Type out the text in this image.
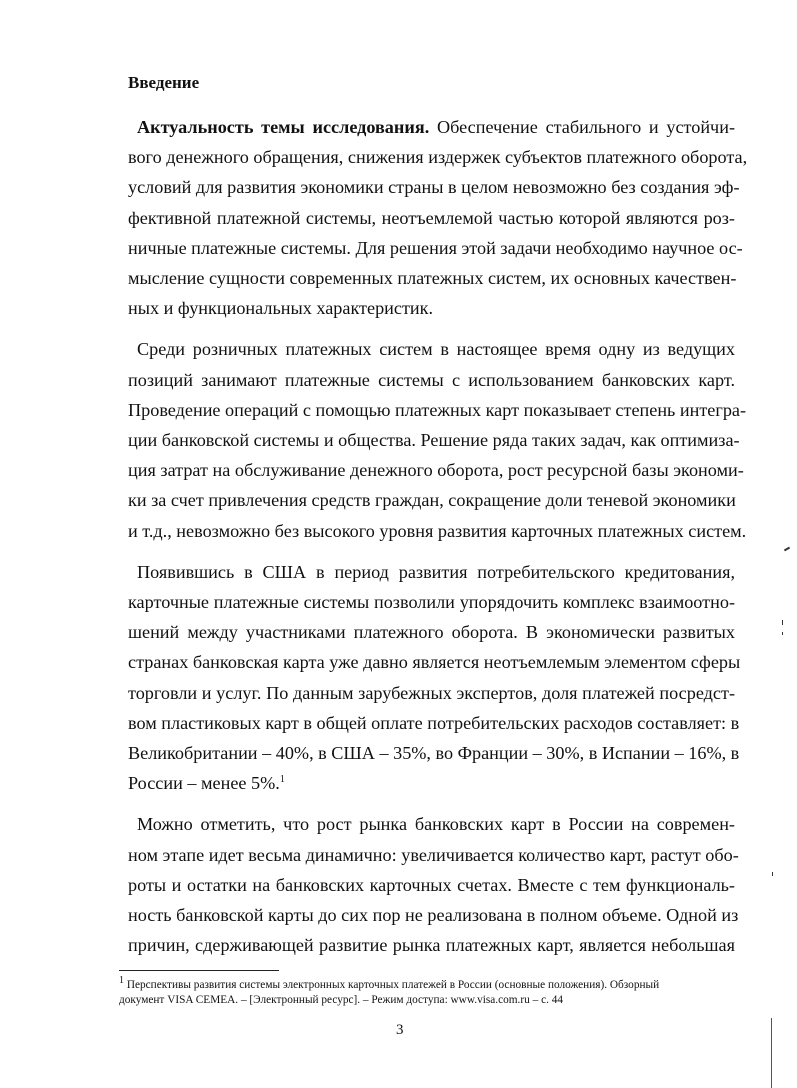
Введение
Актуальность темы исследования. Обеспечение стабильного и устойчи-
вого денежного обращения, снижения издержек субъектов платежного оборота,
условий для развития экономики страны в целом невозможно без создания эф-
фективной платежной системы, неотъемлемой частью которой являются роз-
ничные платежные системы. Для решения этой задачи необходимо научное ос-
мысление сущности современных платежных систем, их основных качествен-
ных и функциональных характеристик.
Среди розничных платежных систем в настоящее время одну из ведущих
позиций занимают платежные системы с использованием банковских карт.
Проведение операций с помощью платежных карт показывает степень интегра-
ции банковской системы и общества. Решение ряда таких задач, как оптимиза-
ция затрат на обслуживание денежного оборота, рост ресурсной базы экономи-
ки за счет привлечения средств граждан, сокращение доли теневой экономики
и т.д., невозможно без высокого уровня развития карточных платежных систем.
Появившись в США в период развития потребительского кредитования,
карточные платежные системы позволили упорядочить комплекс взаимоотно-
шений между участниками платежного оборота. В экономически развитых
странах банковская карта уже давно является неотъемлемым элементом сферы
торговли и услуг. По данным зарубежных экспертов, доля платежей посредст-
вом пластиковых карт в общей оплате потребительских расходов составляет: в
Великобритании – 40%, в США – 35%, во Франции – 30%, в Испании – 16%, в
России – менее 5%.$^1$
Можно отметить, что рост рынка банковских карт в России на современ-
ном этапе идет весьма динамично: увеличивается количество карт, растут обо-
роты и остатки на банковских карточных счетах. Вместе с тем функциональ-
ность банковской карты до сих пор не реализована в полном объеме. Одной из
причин, сдерживающей развитие рынка платежных карт, является небольшая
$^1$ Перспективы развития системы электронных карточных платежей в России (основные положения). Обзорный
документ VISA CEMEA. – [Электронный ресурс]. – Режим доступа: www.visa.com.ru – с. 44
3
